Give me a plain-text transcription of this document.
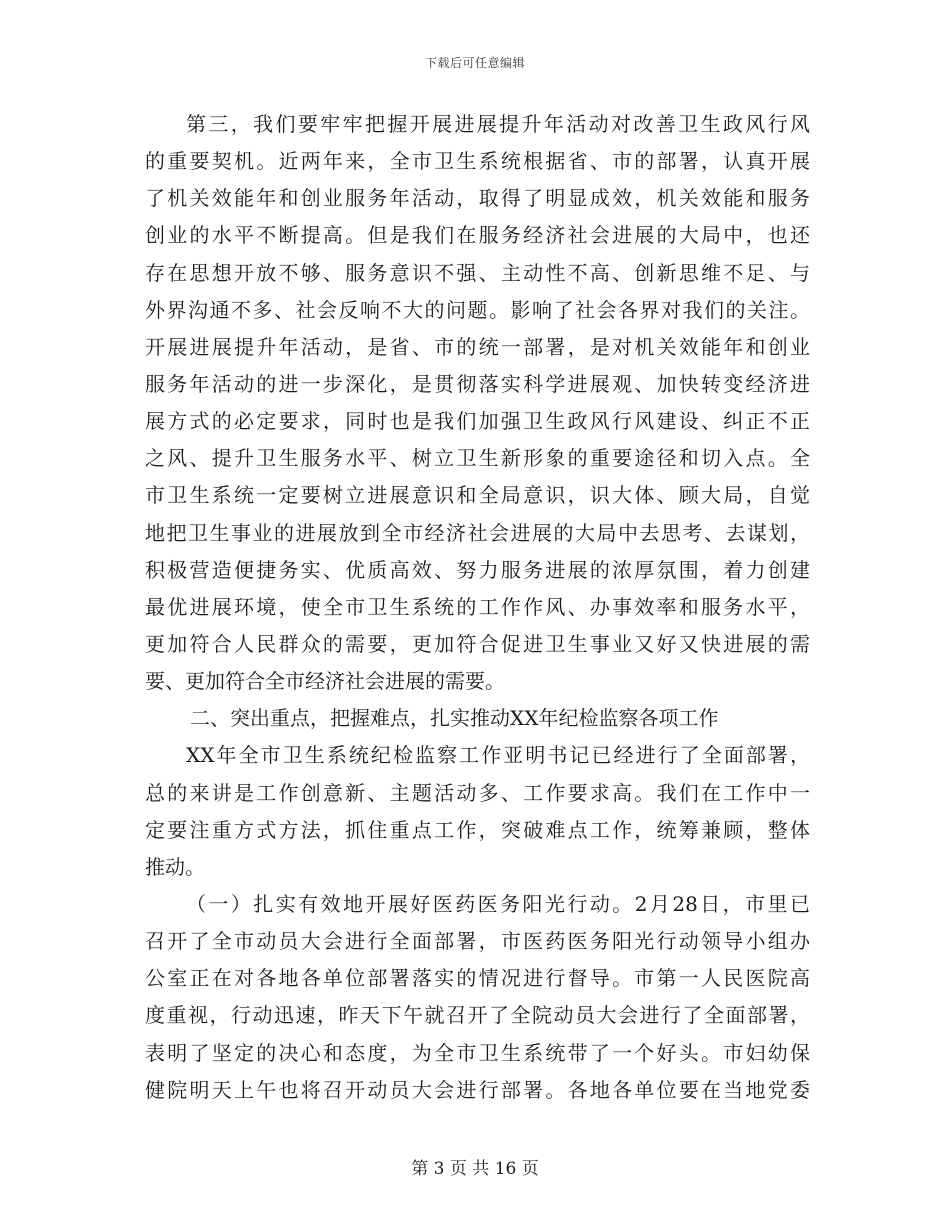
下载后可任意编辑
第三，我们要牢牢把握开展进展提升年活动对改善卫生政风行风
的重要契机。近两年来，全市卫生系统根据省、市的部署，认真开展
了机关效能年和创业服务年活动，取得了明显成效，机关效能和服务
创业的水平不断提高。但是我们在服务经济社会进展的大局中，也还
存在思想开放不够、服务意识不强、主动性不高、创新思维不足、与
外界沟通不多、社会反响不大的问题。影响了社会各界对我们的关注。
开展进展提升年活动，是省、市的统一部署，是对机关效能年和创业
服务年活动的进一步深化，是贯彻落实科学进展观、加快转变经济进
展方式的必定要求，同时也是我们加强卫生政风行风建设、纠正不正
之风、提升卫生服务水平、树立卫生新形象的重要途径和切入点。全
市卫生系统一定要树立进展意识和全局意识，识大体、顾大局，自觉
地把卫生事业的进展放到全市经济社会进展的大局中去思考、去谋划，
积极营造便捷务实、优质高效、努力服务进展的浓厚氛围，着力创建
最优进展环境，使全市卫生系统的工作作风、办事效率和服务水平，
更加符合人民群众的需要，更加符合促进卫生事业又好又快进展的需
要、更加符合全市经济社会进展的需要。
二、突出重点，把握难点，扎实推动XX年纪检监察各项工作
XX年全市卫生系统纪检监察工作亚明书记已经进行了全面部署，
总的来讲是工作创意新、主题活动多、工作要求高。我们在工作中一
定要注重方式方法，抓住重点工作，突破难点工作，统筹兼顾，整体
推动。
（一）扎实有效地开展好医药医务阳光行动。2月28日，市里已
召开了全市动员大会进行全面部署，市医药医务阳光行动领导小组办
公室正在对各地各单位部署落实的情况进行督导。市第一人民医院高
度重视，行动迅速，昨天下午就召开了全院动员大会进行了全面部署，
表明了坚定的决心和态度，为全市卫生系统带了一个好头。市妇幼保
健院明天上午也将召开动员大会进行部署。各地各单位要在当地党委
第 3 页 共 16 页
